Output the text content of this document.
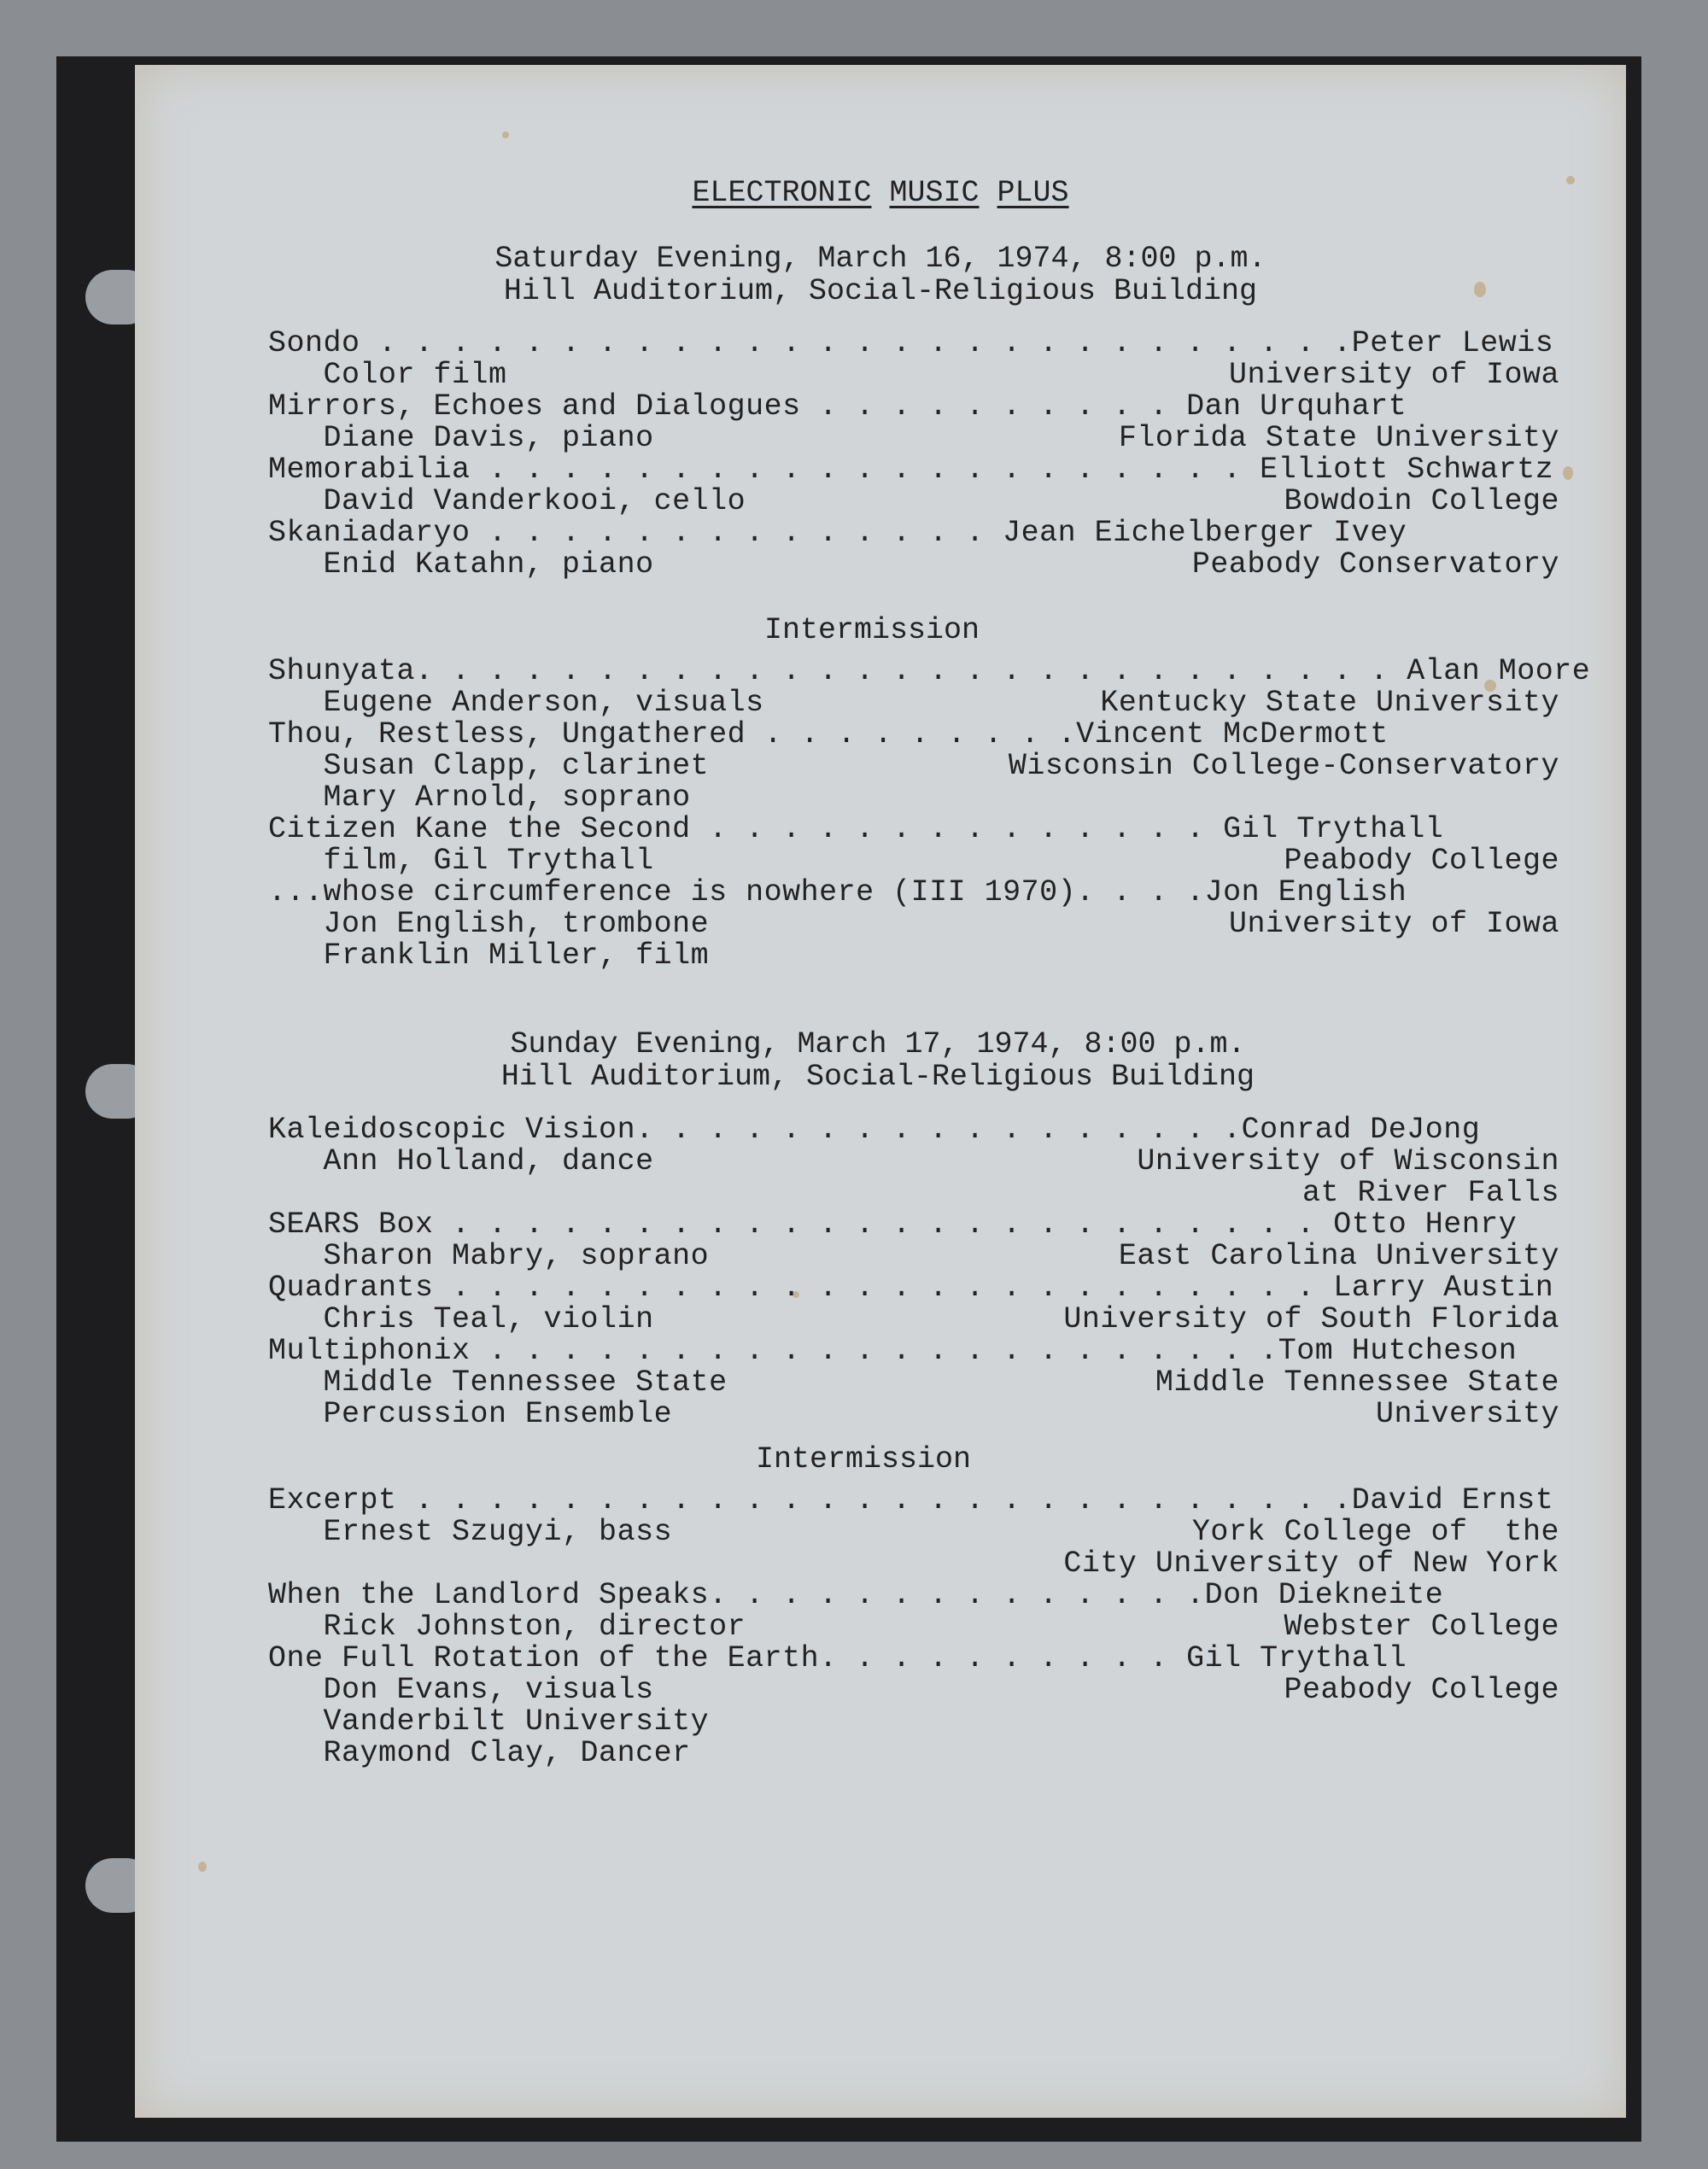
ELECTRONIC MUSIC PLUS
Saturday Evening, March 16, 1974, 8:00 p.m.
Hill Auditorium, Social-Religious Building
Sondo . . . . . . . . . . . . . . . . . . . . . . . . . . .Peter Lewis
Color film	University of Iowa
Mirrors, Echoes and Dialogues . . . . . . . . . . Dan Urquhart
Diane Davis, piano	Florida State University
Memorabilia . . . . . . . . . . . . . . . . . . . . . Elliott Schwartz
David Vanderkooi, cello	Bowdoin College
Skaniadaryo . . . . . . . . . . . . . . Jean Eichelberger Ivey
Enid Katahn, piano	Peabody Conservatory
Intermission
Shunyata. . . . . . . . . . . . . . . . . . . . . . . . . . . Alan Moore
Eugene Anderson, visuals	Kentucky State University
Thou, Restless, Ungathered . . . . . . . . .Vincent McDermott
Susan Clapp, clarinet	Wisconsin College-Conservatory
Mary Arnold, soprano
Citizen Kane the Second . . . . . . . . . . . . . . Gil Trythall
film, Gil Trythall	Peabody College
...whose circumference is nowhere (III 1970). . . .Jon English
Jon English, trombone	University of Iowa
Franklin Miller, film
Sunday Evening, March 17, 1974, 8:00 p.m.
Hill Auditorium, Social-Religious Building
Kaleidoscopic Vision. . . . . . . . . . . . . . . . .Conrad DeJong
Ann Holland, dance	University of Wisconsin
at River Falls
SEARS Box . . . . . . . . . . . . . . . . . . . . . . . . Otto Henry
Sharon Mabry, soprano	East Carolina University
Quadrants . . . . . . . . . . . . . . . . . . . . . . . . Larry Austin
Chris Teal, violin	University of South Florida
Multiphonix . . . . . . . . . . . . . . . . . . . . . .Tom Hutcheson
Middle Tennessee State	Middle Tennessee State
Percussion Ensemble	University
Intermission
Excerpt . . . . . . . . . . . . . . . . . . . . . . . . . .David Ernst
Ernest Szugyi, bass	York College of  the
City University of New York
When the Landlord Speaks. . . . . . . . . . . . . .Don Diekneite
Rick Johnston, director	Webster College
One Full Rotation of the Earth. . . . . . . . . . Gil Trythall
Don Evans, visuals	Peabody College
Vanderbilt University
Raymond Clay, Dancer
